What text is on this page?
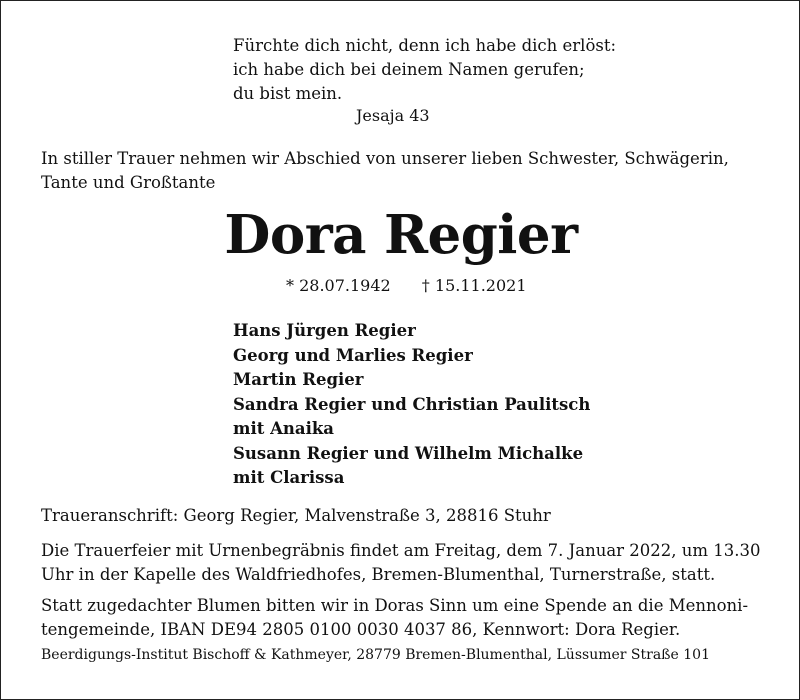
Fürchte dich nicht, denn ich habe dich erlöst:
ich habe dich bei deinem Namen gerufen;
du bist mein.
Jesaja 43
In stiller Trauer nehmen wir Abschied von unserer lieben Schwester, Schwägerin,
Tante und Großtante
Dora Regier
* 28.07.1942 † 15.11.2021
Hans Jürgen Regier
Georg und Marlies Regier
Martin Regier
Sandra Regier und Christian Paulitsch
mit Anaika
Susann Regier und Wilhelm Michalke
mit Clarissa
Traueranschrift: Georg Regier, Malvenstraße 3, 28816 Stuhr
Die Trauerfeier mit Urnenbegräbnis findet am Freitag, dem 7. Januar 2022, um 13.30
Uhr in der Kapelle des Waldfriedhofes, Bremen-Blumenthal, Turnerstraße, statt.
Statt zugedachter Blumen bitten wir in Doras Sinn um eine Spende an die Mennoni-
tengemeinde, IBAN DE94 2805 0100 0030 4037 86, Kennwort: Dora Regier.
Beerdigungs-Institut Bischoff & Kathmeyer, 28779 Bremen-Blumenthal, Lüssumer Straße 101
